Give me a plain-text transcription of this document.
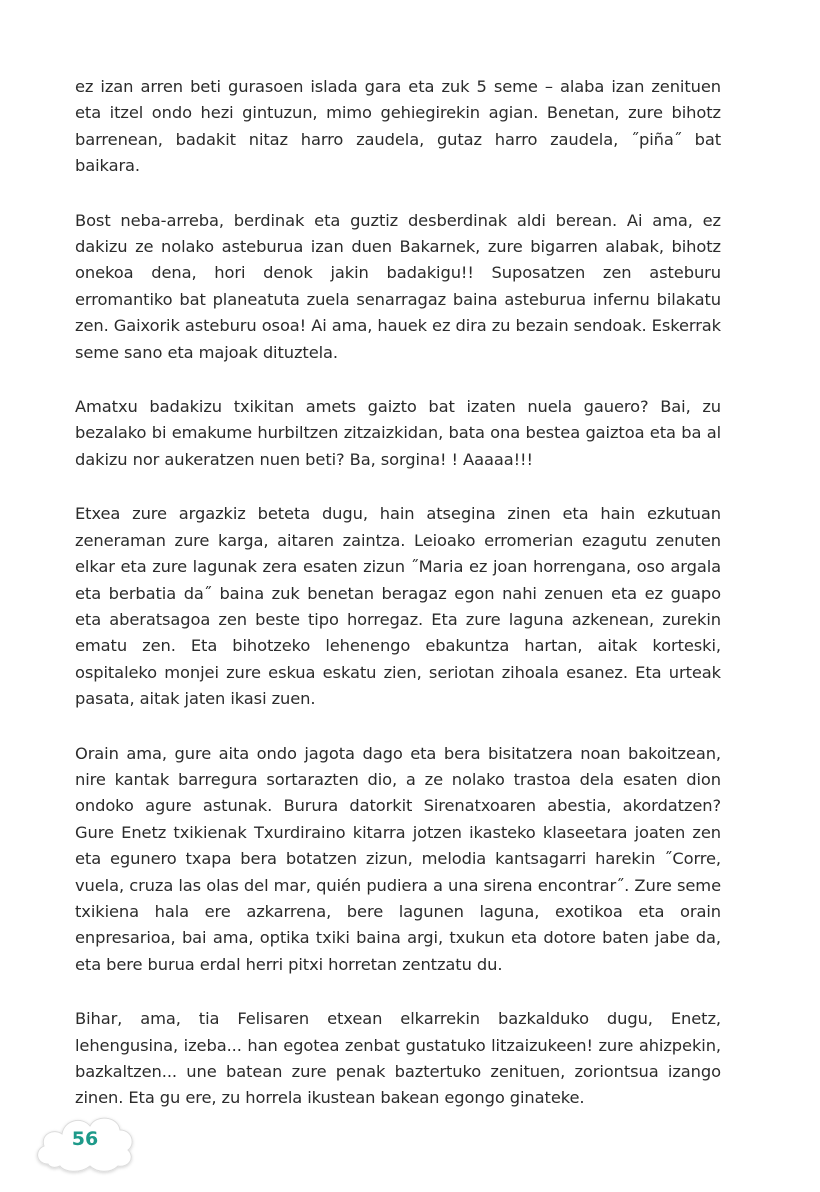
ez izan arren beti gurasoen islada gara eta zuk 5 seme – alaba izan zenituen eta itzel ondo hezi gintuzun, mimo gehiegirekin agian. Benetan, zure bihotz barrenean, badakit nitaz harro zaudela, gutaz harro zaudela, ˝piña˝ bat baikara.

Bost neba-arreba, berdinak eta guztiz desberdinak aldi berean. Ai ama, ez dakizu ze nolako asteburua izan duen Bakarnek, zure bigarren alabak, bihotz onekoa dena, hori denok jakin badakigu!! Suposatzen zen asteburu erromantiko bat planeatuta zuela senarragaz baina asteburua infernu bilakatu zen. Gaixorik asteburu osoa! Ai ama, hauek ez dira zu bezain sendoak. Eskerrak seme sano eta majoak dituztela.

Amatxu badakizu txikitan amets gaizto bat izaten nuela gauero? Bai, zu bezalako bi emakume hurbiltzen zitzaizkidan, bata ona bestea gaiztoa eta ba al dakizu nor aukeratzen nuen beti? Ba, sorgina! ! Aaaaa!!!

Etxea zure argazkiz beteta dugu, hain atsegina zinen eta hain ezkutuan zeneraman zure karga, aitaren zaintza. Leioako erromerian ezagutu zenuten elkar eta zure lagunak zera esaten zizun ˝Maria ez joan horrengana, oso argala eta berbatia da˝ baina zuk benetan beragaz egon nahi zenuen eta ez guapo eta aberatsagoa zen beste tipo horregaz. Eta zure laguna azkenean, zurekin ematu zen. Eta bihotzeko lehenengo ebakuntza hartan, aitak korteski, ospitaleko monjei zure eskua eskatu zien, seriotan zihoala esanez. Eta urteak pasata, aitak jaten ikasi zuen.

Orain ama, gure aita ondo jagota dago eta bera bisitatzera noan bakoitzean, nire kantak barregura sortarazten dio, a ze nolako trastoa dela esaten dion ondoko agure astunak. Burura datorkit Sirenatxoaren abestia, akordatzen? Gure Enetz txikienak Txurdiraino kitarra jotzen ikasteko klaseetara joaten zen eta egunero txapa bera botatzen zizun, melodia kantsagarri harekin ˝Corre, vuela, cruza las olas del mar, quién pudiera a una sirena encontrar˝. Zure seme txikiena hala ere azkarrena, bere lagunen laguna, exotikoa eta orain enpresarioa, bai ama, optika txiki baina argi, txukun eta dotore baten jabe da, eta bere burua erdal herri pitxi horretan zentzatu du.

Bihar, ama, tia Felisaren etxean elkarrekin bazkalduko dugu, Enetz, lehengusina, izeba... han egotea zenbat gustatuko litzaizukeen! zure ahizpekin, bazkaltzen... une batean zure penak baztertuko zenituen, zoriontsua izango zinen. Eta gu ere, zu horrela ikustean bakean egongo ginateke.

56
